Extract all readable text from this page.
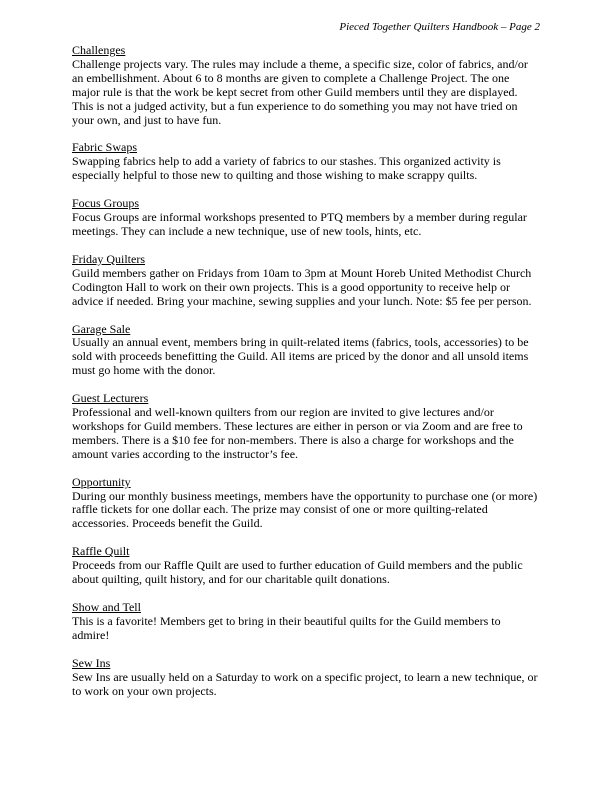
Pieced Together Quilters Handbook – Page 2
Challenges
Challenge projects vary. The rules may include a theme, a specific size, color of fabrics, and/or
an embellishment. About 6 to 8 months are given to complete a Challenge Project. The one
major rule is that the work be kept secret from other Guild members until they are displayed.
This is not a judged activity, but a fun experience to do something you may not have tried on
your own, and just to have fun.
Fabric Swaps
Swapping fabrics help to add a variety of fabrics to our stashes. This organized activity is
especially helpful to those new to quilting and those wishing to make scrappy quilts.
Focus Groups
Focus Groups are informal workshops presented to PTQ members by a member during regular
meetings. They can include a new technique, use of new tools, hints, etc.
Friday Quilters
Guild members gather on Fridays from 10am to 3pm at Mount Horeb United Methodist Church
Codington Hall to work on their own projects. This is a good opportunity to receive help or
advice if needed. Bring your machine, sewing supplies and your lunch. Note: $5 fee per person.
Garage Sale
Usually an annual event, members bring in quilt-related items (fabrics, tools, accessories) to be
sold with proceeds benefitting the Guild. All items are priced by the donor and all unsold items
must go home with the donor.
Guest Lecturers
Professional and well-known quilters from our region are invited to give lectures and/or
workshops for Guild members. These lectures are either in person or via Zoom and are free to
members. There is a $10 fee for non-members. There is also a charge for workshops and the
amount varies according to the instructor’s fee.
Opportunity
During our monthly business meetings, members have the opportunity to purchase one (or more)
raffle tickets for one dollar each. The prize may consist of one or more quilting-related
accessories. Proceeds benefit the Guild.
Raffle Quilt
Proceeds from our Raffle Quilt are used to further education of Guild members and the public
about quilting, quilt history, and for our charitable quilt donations.
Show and Tell
This is a favorite! Members get to bring in their beautiful quilts for the Guild members to
admire!
Sew Ins
Sew Ins are usually held on a Saturday to work on a specific project, to learn a new technique, or
to work on your own projects.
